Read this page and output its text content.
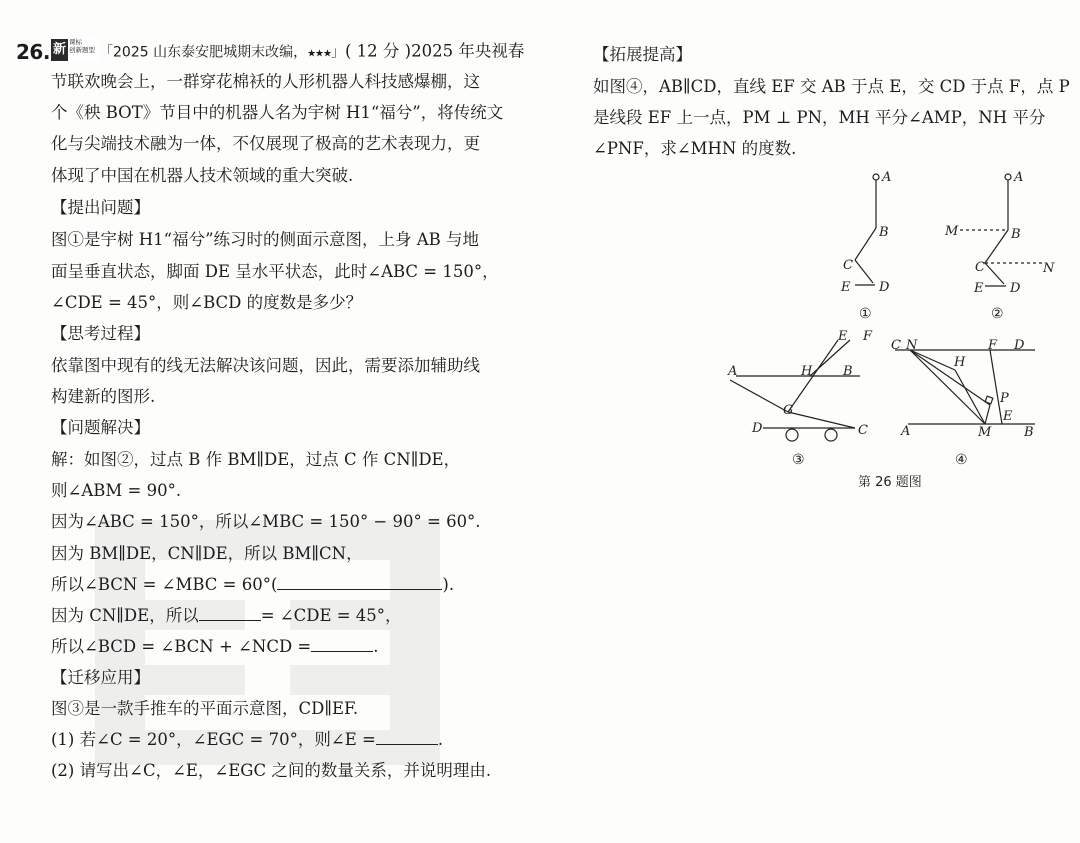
26. 新 课标
创新题型 「2025 山东泰安肥城期末改编，★★★」( 12 分 )2025 年央视春
节联欢晚会上，一群穿花棉袄的人形机器人科技感爆棚，这
个《秧 BOT》节目中的机器人名为宇树 H1“福兮”，将传统文
化与尖端技术融为一体，不仅展现了极高的艺术表现力，更
体现了中国在机器人技术领域的重大突破.
【提出问题】
图①是宇树 H1“福兮”练习时的侧面示意图，上身 AB 与地
面呈垂直状态，脚面 DE 呈水平状态，此时∠ABC = 150°，
∠CDE = 45°，则∠BCD 的度数是多少？
【思考过程】
依靠图中现有的线无法解决该问题，因此，需要添加辅助线
构建新的图形.
【问题解决】
解：如图②，过点 B 作 BM∥DE，过点 C 作 CN∥DE，
则∠ABM = 90°.
因为∠ABC = 150°，所以∠MBC = 150° − 90° = 60°.
因为 BM∥DE，CN∥DE，所以 BM∥CN，
所以∠BCN = ∠MBC = 60°(	).
因为 CN∥DE，所以	= ∠CDE = 45°，
所以∠BCD = ∠BCN + ∠NCD =	.
【迁移应用】
图③是一款手推车的平面示意图，CD∥EF.
(1) 若∠C = 20°，∠EGC = 70°，则∠E =	.
(2) 请写出∠C，∠E，∠EGC 之间的数量关系，并说明理由.
【拓展提高】
如图④，AB∥CD，直线 EF 交 AB 于点 E，交 CD 于点 F，点 P
是线段 EF 上一点，PM ⊥ PN，MH 平分∠AMP，NH 平分
∠PNF，求∠MHN 的度数.
A
B
C
E D
①
A
M	B
C	N
E D
②
E F
A	H B
G
D	C
③
C N	F D
H
P
E
A	M	B
④
第 26 题图
